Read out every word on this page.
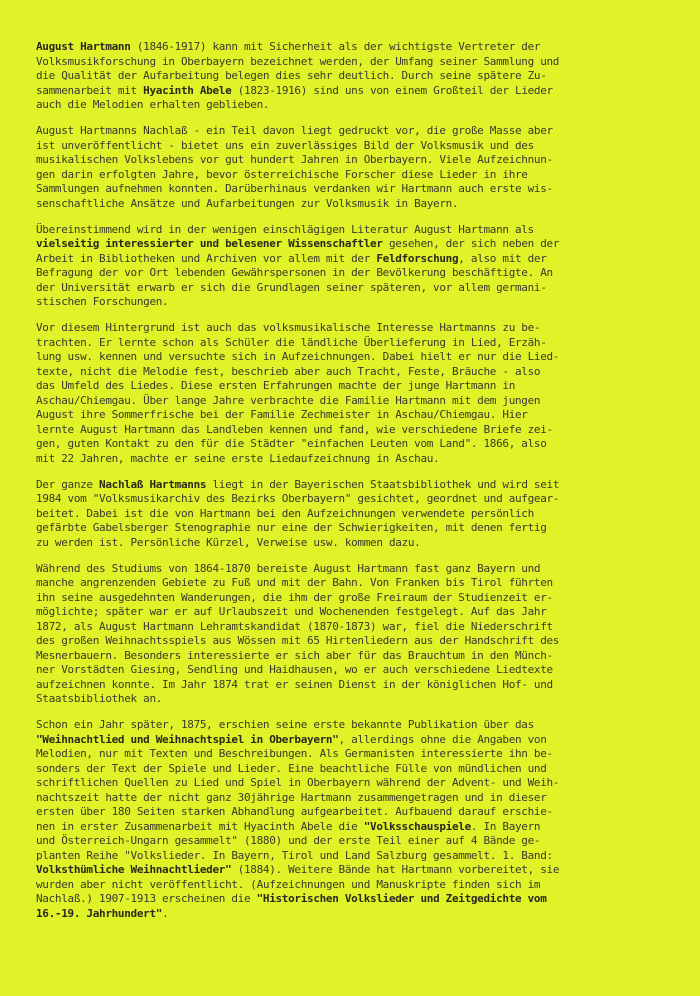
August Hartmann (1846-1917) kann mit Sicherheit als der wichtigste Vertreter der
Volksmusikforschung in Oberbayern bezeichnet werden, der Umfang seiner Sammlung und
die Qualität der Aufarbeitung belegen dies sehr deutlich. Durch seine spätere Zu-
sammenarbeit mit Hyacinth Abele (1823-1916) sind uns von einem Großteil der Lieder
auch die Melodien erhalten geblieben.
August Hartmanns Nachlaß - ein Teil davon liegt gedruckt vor, die große Masse aber
ist unveröffentlicht - bietet uns ein zuverlässiges Bild der Volksmusik und des
musikalischen Volkslebens vor gut hundert Jahren in Oberbayern. Viele Aufzeichnun-
gen darin erfolgten Jahre, bevor österreichische Forscher diese Lieder in ihre
Sammlungen aufnehmen konnten. Darüberhinaus verdanken wir Hartmann auch erste wis-
senschaftliche Ansätze und Aufarbeitungen zur Volksmusik in Bayern.
Übereinstimmend wird in der wenigen einschlägigen Literatur August Hartmann als
vielseitig interessierter und belesener Wissenschaftler gesehen, der sich neben der
Arbeit in Bibliotheken und Archiven vor allem mit der Feldforschung, also mit der
Befragung der vor Ort lebenden Gewährspersonen in der Bevölkerung beschäftigte. An
der Universität erwarb er sich die Grundlagen seiner späteren, vor allem germani-
stischen Forschungen.
Vor diesem Hintergrund ist auch das volksmusikalische Interesse Hartmanns zu be-
trachten. Er lernte schon als Schüler die ländliche Überlieferung in Lied, Erzäh-
lung usw. kennen und versuchte sich in Aufzeichnungen. Dabei hielt er nur die Lied-
texte, nicht die Melodie fest, beschrieb aber auch Tracht, Feste, Bräuche - also
das Umfeld des Liedes. Diese ersten Erfahrungen machte der junge Hartmann in
Aschau/Chiemgau. Über lange Jahre verbrachte die Familie Hartmann mit dem jungen
August ihre Sommerfrische bei der Familie Zechmeister in Aschau/Chiemgau. Hier
lernte August Hartmann das Landleben kennen und fand, wie verschiedene Briefe zei-
gen, guten Kontakt zu den für die Städter "einfachen Leuten vom Land". 1866, also
mit 22 Jahren, machte er seine erste Liedaufzeichnung in Aschau.
Der ganze Nachlaß Hartmanns liegt in der Bayerischen Staatsbibliothek und wird seit
1984 vom "Volksmusikarchiv des Bezirks Oberbayern" gesichtet, geordnet und aufgear-
beitet. Dabei ist die von Hartmann bei den Aufzeichnungen verwendete persönlich
gefärbte Gabelsberger Stenographie nur eine der Schwierigkeiten, mit denen fertig
zu werden ist. Persönliche Kürzel, Verweise usw. kommen dazu.
Während des Studiums von 1864-1870 bereiste August Hartmann fast ganz Bayern und
manche angrenzenden Gebiete zu Fuß und mit der Bahn. Von Franken bis Tirol führten
ihn seine ausgedehnten Wanderungen, die ihm der große Freiraum der Studienzeit er-
möglichte; später war er auf Urlaubszeit und Wochenenden festgelegt. Auf das Jahr
1872, als August Hartmann Lehramtskandidat (1870-1873) war, fiel die Niederschrift
des großen Weihnachtsspiels aus Wössen mit 65 Hirtenliedern aus der Handschrift des
Mesnerbauern. Besonders interessierte er sich aber für das Brauchtum in den Münch-
ner Vorstädten Giesing, Sendling und Haidhausen, wo er auch verschiedene Liedtexte
aufzeichnen konnte. Im Jahr 1874 trat er seinen Dienst in der königlichen Hof- und
Staatsbibliothek an.
Schon ein Jahr später, 1875, erschien seine erste bekannte Publikation über das
"Weihnachtlied und Weihnachtspiel in Oberbayern", allerdings ohne die Angaben von
Melodien, nur mit Texten und Beschreibungen. Als Germanisten interessierte ihn be-
sonders der Text der Spiele und Lieder. Eine beachtliche Fülle von mündlichen und
schriftlichen Quellen zu Lied und Spiel in Oberbayern während der Advent- und Weih-
nachtszeit hatte der nicht ganz 30jährige Hartmann zusammengetragen und in dieser
ersten über 180 Seiten starken Abhandlung aufgearbeitet. Aufbauend darauf erschie-
nen in erster Zusammenarbeit mit Hyacinth Abele die "Volksschauspiele. In Bayern
und Österreich-Ungarn gesammelt" (1880) und der erste Teil einer auf 4 Bände ge-
planten Reihe "Volkslieder. In Bayern, Tirol und Land Salzburg gesammelt. 1. Band:
Volksthümliche Weihnachtlieder" (1884). Weitere Bände hat Hartmann vorbereitet, sie
wurden aber nicht veröffentlicht. (Aufzeichnungen und Manuskripte finden sich im
Nachlaß.) 1907-1913 erscheinen die "Historischen Volkslieder und Zeitgedichte vom
16.-19. Jahrhundert".
